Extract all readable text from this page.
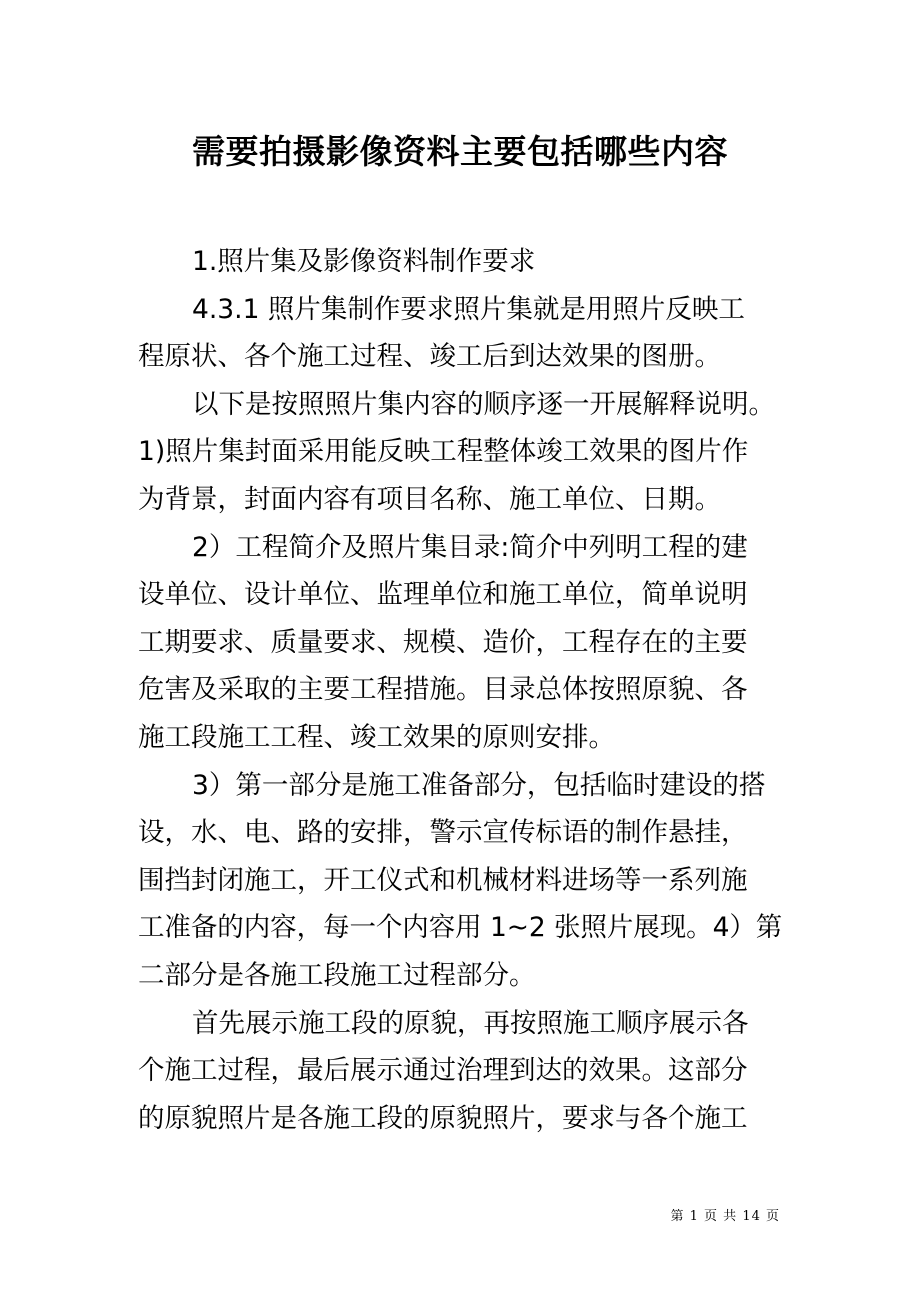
需要拍摄影像资料主要包括哪些内容
1.照片集及影像资料制作要求
4.3.1 照片集制作要求照片集就是用照片反映工
程原状、各个施工过程、竣工后到达效果的图册。
以下是按照照片集内容的顺序逐一开展解释说明。
1)照片集封面采用能反映工程整体竣工效果的图片作
为背景，封面内容有项目名称、施工单位、日期。
2）工程简介及照片集目录:简介中列明工程的建
设单位、设计单位、监理单位和施工单位，简单说明
工期要求、质量要求、规模、造价，工程存在的主要
危害及采取的主要工程措施。目录总体按照原貌、各
施工段施工工程、竣工效果的原则安排。
3）第一部分是施工准备部分，包括临时建设的搭
设，水、电、路的安排，警示宣传标语的制作悬挂，
围挡封闭施工，开工仪式和机械材料进场等一系列施
工准备的内容，每一个内容用 1~2 张照片展现。4）第
二部分是各施工段施工过程部分。
首先展示施工段的原貌，再按照施工顺序展示各
个施工过程，最后展示通过治理到达的效果。这部分
的原貌照片是各施工段的原貌照片，要求与各个施工
第 1 页 共 14 页
